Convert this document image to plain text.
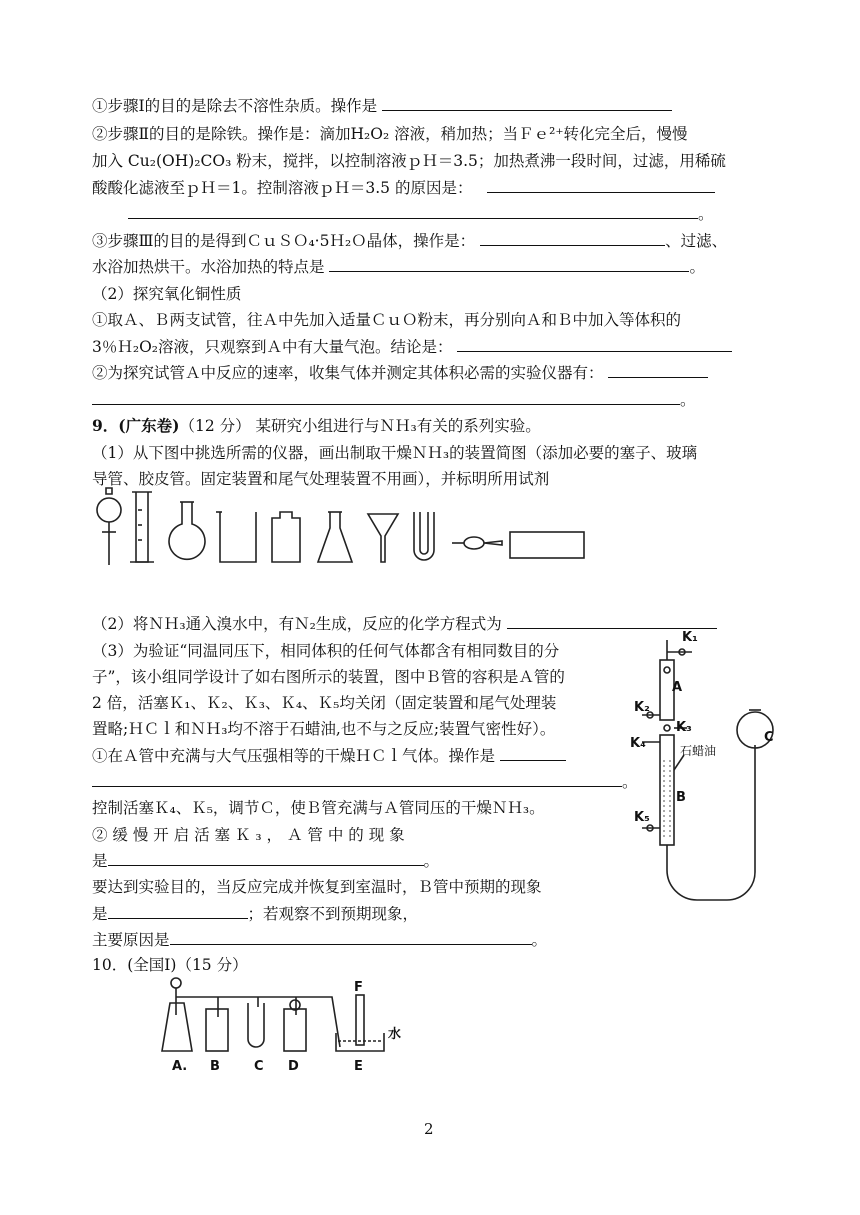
①步骤Ⅰ的目的是除去不溶性杂质。操作是
②步骤Ⅱ的目的是除铁。操作是：滴加H₂O₂ 溶液，稍加热；当Ｆｅ²⁺转化完全后，慢慢
加入 Cu₂(OH)₂CO₃ 粉末，搅拌，以控制溶液ｐＨ＝3.5；加热煮沸一段时间，过滤，用稀硫
酸酸化滤液至ｐＨ＝1。控制溶液ｐＨ＝3.5 的原因是：
。
③步骤Ⅲ的目的是得到ＣｕＳＯ₄·5Ｈ₂Ｏ晶体，操作是：	、过滤、
水浴加热烘干。水浴加热的特点是	。
（2）探究氧化铜性质
①取Ａ、Ｂ两支试管，往Ａ中先加入适量ＣｕＯ粉末，再分别向Ａ和Ｂ中加入等体积的
3％Ｈ₂O₂溶液，只观察到Ａ中有大量气泡。结论是：
②为探究试管Ａ中反应的速率，收集气体并测定其体积必需的实验仪器有：
。
9．(广东卷)（12 分） 某研究小组进行与ＮＨ₃有关的系列实验。
（1）从下图中挑选所需的仪器，画出制取干燥ＮＨ₃的装置简图（添加必要的塞子、玻璃
导管、胶皮管。固定装置和尾气处理装置不用画），并标明所用试剂
（2）将ＮＨ₃通入溴水中，有Ｎ₂生成，反应的化学方程式为
（3）为验证“同温同压下，相同体积的任何气体都含有相同数目的分
子”，该小组同学设计了如右图所示的装置，图中Ｂ管的容积是Ａ管的
2 倍，活塞Ｋ₁、Ｋ₂、Ｋ₃、Ｋ₄、Ｋ₅均关闭（固定装置和尾气处理装
置略;ＨＣｌ和ＮＨ₃均不溶于石蜡油,也不与之反应;装置气密性好）。
①在Ａ管中充满与大气压强相等的干燥ＨＣｌ气体。操作是
。
控制活塞Ｋ₄、Ｋ₅，调节Ｃ，使Ｂ管充满与Ａ管同压的干燥ＮＨ₃。
② 缓 慢 开 启 活 塞 Ｋ ₃ ， Ａ 管 中 的 现 象
是	。
要达到实验目的，当反应完成并恢复到室温时，Ｂ管中预期的现象
是	；若观察不到预期现象，
主要原因是	。
10．(全国Ⅰ)（15 分）
K₁
A
K₂
K₃
K₄	石蜡油
C
B
K₅
A. B	C D	E
F
水
2
